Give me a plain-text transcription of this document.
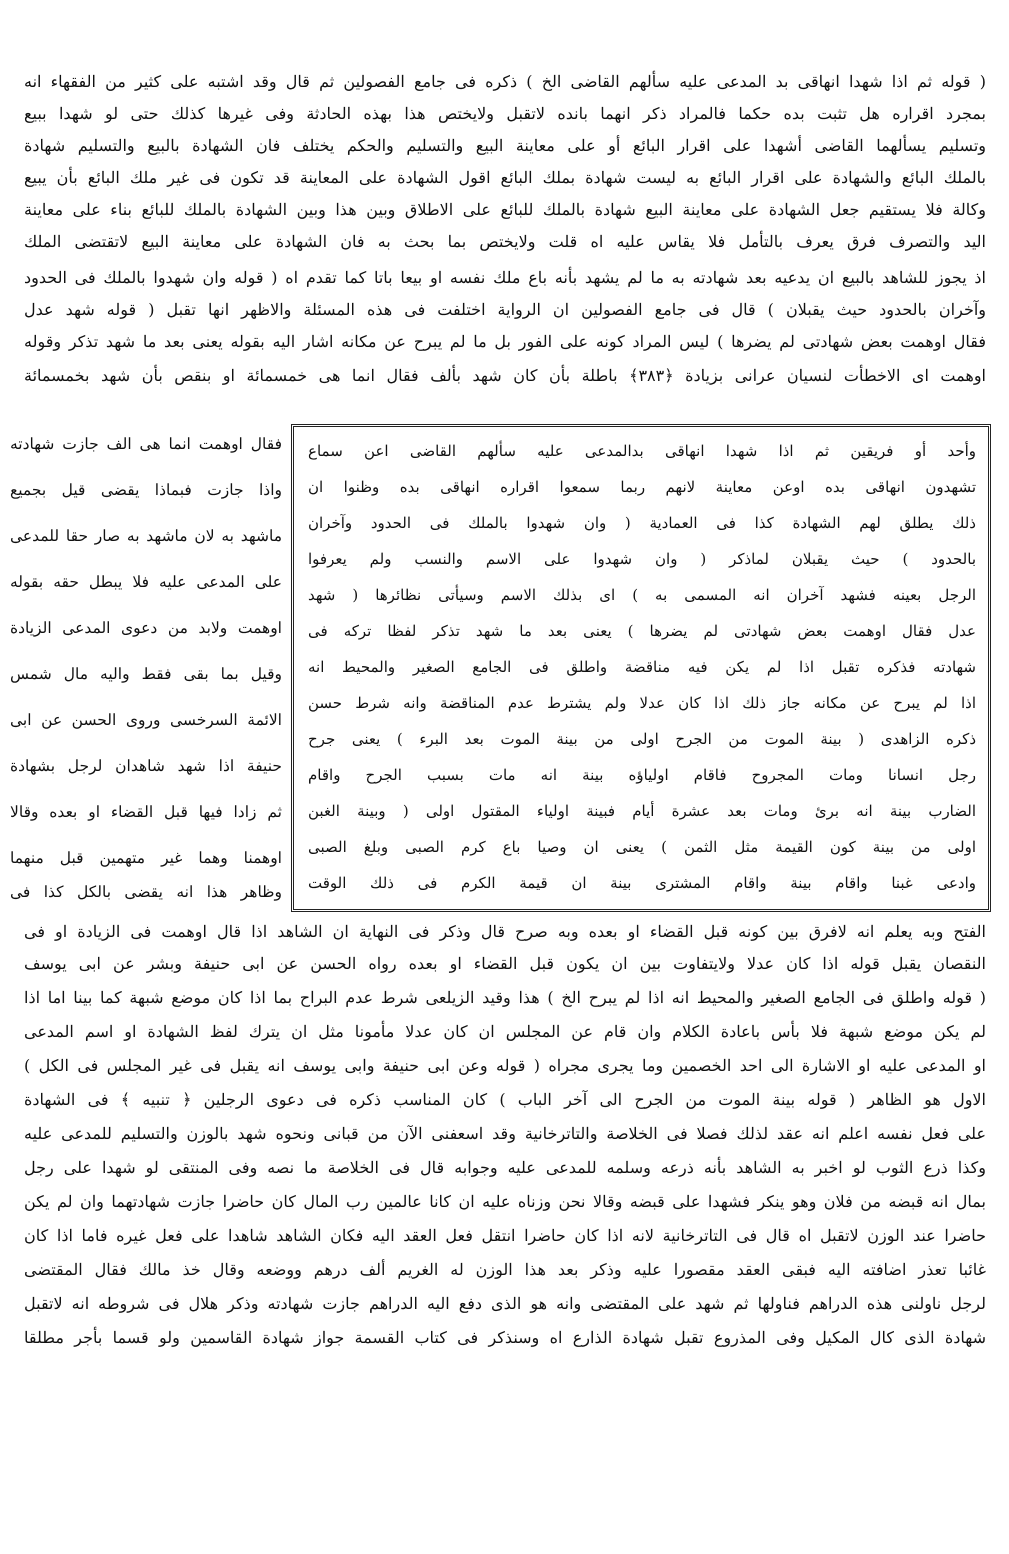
( قوله ثم اذا شهدا انهاقى بد المدعى عليه سألهم القاضى الخ ) ذكره فى جامع الفصولين ثم قال وقد اشتبه على كثير من الفقهاء انه
بمجرد اقراره هل تثبت بده حكما فالمراد ذكر انهما بانده لاتقبل ولايختص هذا بهذه الحادثة وفى غيرها كذلك حتى لو شهدا ببيع
وتسليم يسألهما القاضى أشهدا على اقرار البائع أو على معاينة البيع والتسليم والحكم يختلف فان الشهادة بالبيع والتسليم شهادة
بالملك البائع والشهادة على اقرار البائع به ليست شهادة بملك البائع اقول الشهادة على المعاينة قد تكون فى غير ملك البائع بأن يبيع
وكالة فلا يستقيم جعل الشهادة على معاينة البيع شهادة بالملك للبائع على الاطلاق وبين هذا وبين الشهادة بالملك للبائع بناء على معاينة
اليد والتصرف فرق يعرف بالتأمل فلا يقاس عليه اه قلت ولايختص بما بحث به فان الشهادة على معاينة البيع لاتقتضى الملك
اذ يجوز للشاهد بالبيع ان يدعيه بعد شهادته به ما لم يشهد بأنه باع ملك نفسه او بيعا باتا كما تقدم اه ( قوله وان شهدوا بالملك فى الحدود
وآخران بالحدود حيث يقبلان ) قال فى جامع الفصولين ان الرواية اختلفت فى هذه المسئلة والاظهر انها تقبل ( قوله شهد عدل
فقال اوهمت بعض شهادتى لم يضرها ) ليس المراد كونه على الفور بل ما لم يبرح عن مكانه اشار اليه بقوله يعنى بعد ما شهد تذكر وقوله
اوهمت اى الاخطأت لنسيان عرانى بزيادة ﴿٣٨٣﴾ باطلة بأن كان شهد بألف فقال انما هى خمسمائة او بنقص بأن شهد بخمسمائة
وأحد أو فريقين ثم اذا شهدا انهاقى بدالمدعى عليه سألهم القاضى اعن سماع
تشهدون انهاقى بده اوعن معاينة لانهم ربما سمعوا اقراره انهاقى بده وظنوا ان
ذلك يطلق لهم الشهادة كذا فى العمادية ( وان شهدوا بالملك فى الحدود وآخران
بالحدود ) حيث يقبلان لماذكر ( وان شهدوا على الاسم والنسب ولم يعرفوا
الرجل بعينه فشهد آخران انه المسمى به ) اى بذلك الاسم وسيأتى نظائرها ( شهد
عدل فقال اوهمت بعض شهادتى لم يضرها ) يعنى بعد ما شهد تذكر لفظا تركه فى
شهادته فذكره تقبل اذا لم يكن فيه مناقضة واطلق فى الجامع الصغير والمحيط انه
اذا لم يبرح عن مكانه جاز ذلك اذا كان عدلا ولم يشترط عدم المناقضة وانه شرط حسن
ذكره الزاهدى ( بينة الموت من الجرح اولى من بينة الموت بعد البرء ) يعنى جرح
رجل انسانا ومات المجروح فاقام اولياؤه بينة انه مات بسبب الجرح واقام
الضارب بينة انه برئ ومات بعد عشرة أيام فبينة اولياء المقتول اولى ( وبينة الغبن
اولى من بينة كون القيمة مثل الثمن ) يعنى ان وصيا باع كرم الصبى وبلغ الصبى
وادعى غبنا واقام بينة واقام المشترى بينة ان قيمة الكرم فى ذلك الوقت
فقال اوهمت انما هى الف جازت شهادته
واذا جازت فبماذا يقضى قيل بجميع
ماشهد به لان ماشهد به صار حقا للمدعى
على المدعى عليه فلا يبطل حقه بقوله
اوهمت ولابد من دعوى المدعى الزيادة
وقيل بما بقى فقط واليه مال شمس
الائمة السرخسى وروى الحسن عن ابى
حنيفة اذا شهد شاهدان لرجل بشهادة
ثم زادا فيها قبل القضاء او بعده وقالا
اوهمنا وهما غير متهمين قبل منهما
وظاهر هذا انه يقضى بالكل كذا فى
الفتح وبه يعلم انه لافرق بين كونه قبل القضاء او بعده وبه صرح قال وذكر فى النهاية ان الشاهد اذا قال اوهمت فى الزيادة او فى
النقصان يقبل قوله اذا كان عدلا ولايتفاوت بين ان يكون قبل القضاء او بعده رواه الحسن عن ابى حنيفة وبشر عن ابى يوسف
( قوله واطلق فى الجامع الصغير والمحيط انه اذا لم يبرح الخ ) هذا وقيد الزيلعى شرط عدم البراح بما اذا كان موضع شبهة كما بينا اما اذا
لم يكن موضع شبهة فلا بأس باعادة الكلام وان قام عن المجلس ان كان عدلا مأمونا مثل ان يترك لفظ الشهادة او اسم المدعى
او المدعى عليه او الاشارة الى احد الخصمين وما يجرى مجراه ( قوله وعن ابى حنيفة وابى يوسف انه يقبل فى غير المجلس فى الكل )
الاول هو الظاهر ( قوله بينة الموت من الجرح الى آخر الباب ) كان المناسب ذكره فى دعوى الرجلين ﴿ تنبيه ﴾ فى الشهادة
على فعل نفسه اعلم انه عقد لذلك فصلا فى الخلاصة والتاترخانية وقد اسعفنى الآن من قبانى ونحوه شهد بالوزن والتسليم للمدعى عليه
وكذا ذرع الثوب لو اخبر به الشاهد بأنه ذرعه وسلمه للمدعى عليه وجوابه قال فى الخلاصة ما نصه وفى المنتقى لو شهدا على رجل
بمال انه قبضه من فلان وهو ينكر فشهدا على قبضه وقالا نحن وزناه عليه ان كانا عالمين رب المال كان حاضرا جازت شهادتهما وان لم يكن
حاضرا عند الوزن لاتقبل اه قال فى التاترخانية لانه اذا كان حاضرا انتقل فعل العقد اليه فكان الشاهد شاهدا على فعل غيره فاما اذا كان
غائبا تعذر اضافته اليه فبقى العقد مقصورا عليه وذكر بعد هذا الوزن له الغريم ألف درهم ووضعه وقال خذ مالك فقال المقتضى
لرجل ناولنى هذه الدراهم فناولها ثم شهد على المقتضى وانه هو الذى دفع اليه الدراهم جازت شهادته وذكر هلال فى شروطه انه لاتقبل
شهادة الذى كال المكيل وفى المذروع تقبل شهادة الذارع اه وسنذكر فى كتاب القسمة جواز شهادة القاسمين ولو قسما بأجر مطلقا
